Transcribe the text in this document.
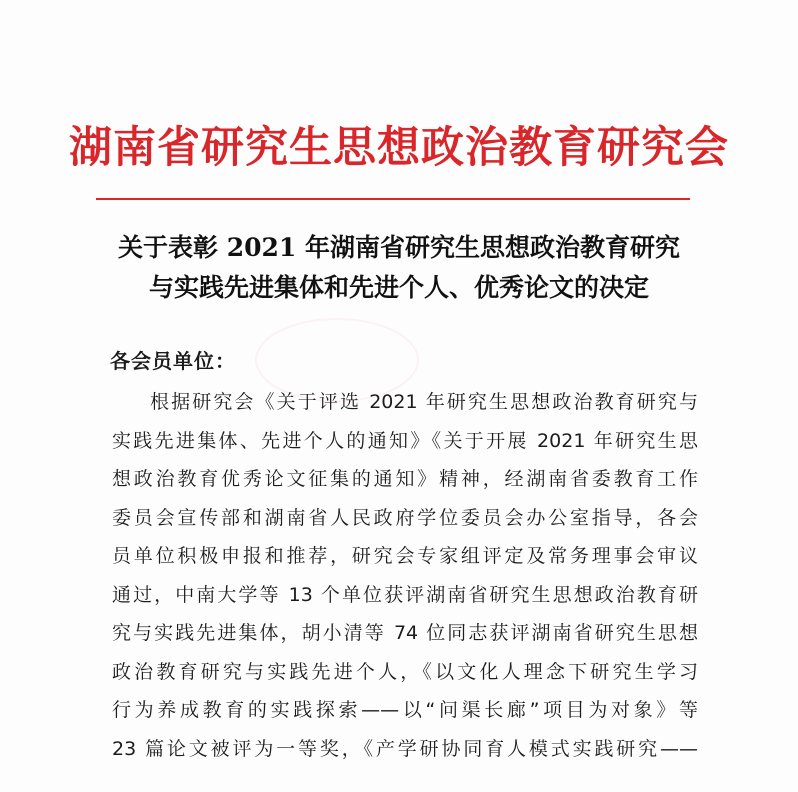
湖南省研究生思想政治教育研究会
关于表彰 2021 年湖南省研究生思想政治教育研究
与实践先进集体和先进个人、优秀论文的决定
各会员单位：
根据研究会《关于评选 2021 年研究生思想政治教育研究与
实践先进集体、先进个人的通知》《关于开展 2021 年研究生思
想政治教育优秀论文征集的通知》精神，经湖南省委教育工作
委员会宣传部和湖南省人民政府学位委员会办公室指导，各会
员单位积极申报和推荐，研究会专家组评定及常务理事会审议
通过，中南大学等 13 个单位获评湖南省研究生思想政治教育研
究与实践先进集体，胡小清等 74 位同志获评湖南省研究生思想
政治教育研究与实践先进个人，《以文化人理念下研究生学习
行为养成教育的实践探索——以“问渠长廊”项目为对象》等
23 篇论文被评为一等奖，《产学研协同育人模式实践研究——
